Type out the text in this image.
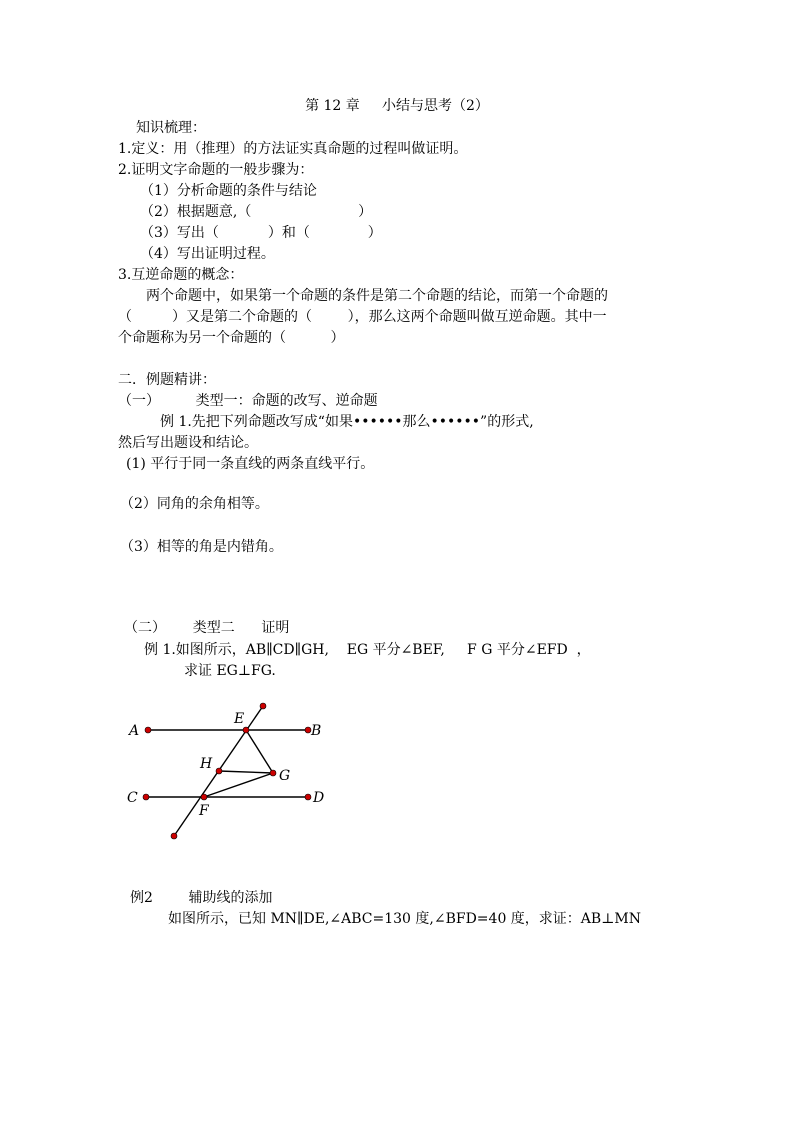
第 12 章     小结与思考（2）

知识梳理：

1.定义：用（推理）的方法证实真命题的过程叫做证明。

2.证明文字命题的一般步骤为：

（1）分析命题的条件与结论

（2）根据题意,（                        ）

（3）写出（           ）和（             ）

（4）写出证明过程。

3.互逆命题的概念：

两个命题中，如果第一个命题的条件是第二个命题的结论，而第一个命题的

（         ）又是第二个命题的（        ），那么这两个命题叫做互逆命题。其中一

个命题称为另一个命题的（          ）

二．例题精讲：

（一）        类型一：命题的改写、逆命题

例 1.先把下列命题改写成“如果••••••那么••••••”的形式,

然后写出题设和结论。

(1) 平行于同一条直线的两条直线平行。

（2）同角的余角相等。

（3）相等的角是内错角。

（二）      类型二      证明

例 1.如图所示，AB∥CD∥GH,    EG 平分∠BEF,     F G 平分∠EFD  ，

求证 EG⊥FG.

A	B
C	D
E
F
G
H

例2        辅助线的添加

如图所示，已知 MN∥DE,∠ABC=130 度,∠BFD=40 度，求证：AB⊥MN
